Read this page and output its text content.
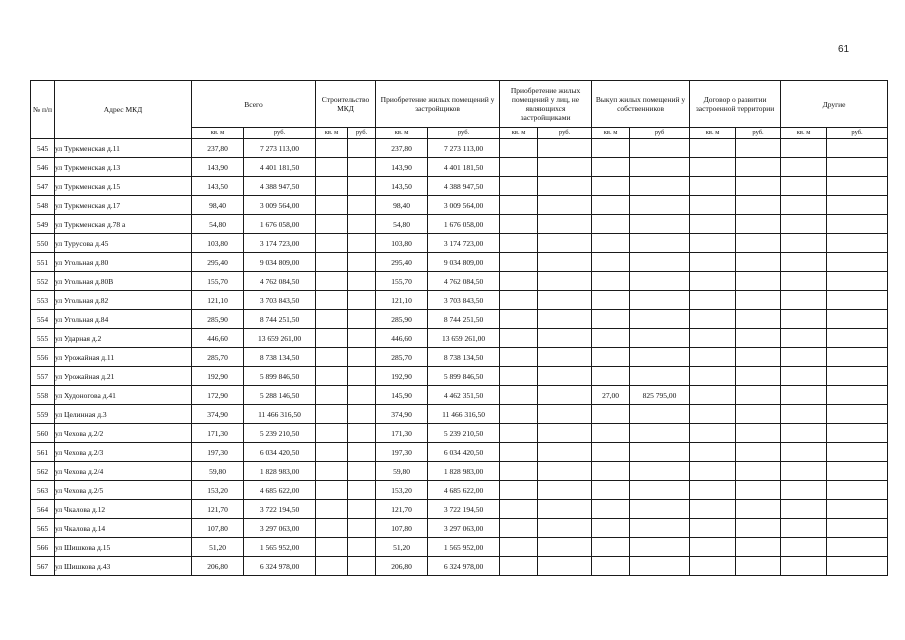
61
№ п/п	Адрес МКД	Всего		Строительство МКД		Приобретение жилых помещений у застройщиков		Приобретение жилых помещений у лиц, не являющихся застройщиками		Выкуп жилых помещений у собственников		Договор о развитии застроенной территории		Другие	
		кв. м	руб.	кв. м	руб.	кв. м	руб.	кв. м	руб.	кв. м	руб	кв. м	руб.	кв. м	руб.
545	ул Туркменская д.11	237,80	7 273 113,00			237,80	7 273 113,00								
546	ул Туркменская д.13	143,90	4 401 181,50			143,90	4 401 181,50								
547	ул Туркменская д.15	143,50	4 388 947,50			143,50	4 388 947,50								
548	ул Туркменская д.17	98,40	3 009 564,00			98,40	3 009 564,00								
549	ул Туркменская д.78 а	54,80	1 676 058,00			54,80	1 676 058,00								
550	ул Турусова д.45	103,80	3 174 723,00			103,80	3 174 723,00								
551	ул Угольная д.80	295,40	9 034 809,00			295,40	9 034 809,00								
552	ул Угольная д.80В	155,70	4 762 084,50			155,70	4 762 084,50								
553	ул Угольная д.82	121,10	3 703 843,50			121,10	3 703 843,50								
554	ул Угольная д.84	285,90	8 744 251,50			285,90	8 744 251,50								
555	ул Ударная д.2	446,60	13 659 261,00			446,60	13 659 261,00								
556	ул Урожайная д.11	285,70	8 738 134,50			285,70	8 738 134,50								
557	ул Урожайная д.21	192,90	5 899 846,50			192,90	5 899 846,50								
558	ул Худоногова д.41	172,90	5 288 146,50			145,90	4 462 351,50			27,00	825 795,00				
559	ул Целинная д.3	374,90	11 466 316,50			374,90	11 466 316,50								
560	ул Чехова д.2/2	171,30	5 239 210,50			171,30	5 239 210,50								
561	ул Чехова д.2/3	197,30	6 034 420,50			197,30	6 034 420,50								
562	ул Чехова д.2/4	59,80	1 828 983,00			59,80	1 828 983,00								
563	ул Чехова д.2/5	153,20	4 685 622,00			153,20	4 685 622,00								
564	ул Чкалова д.12	121,70	3 722 194,50			121,70	3 722 194,50								
565	ул Чкалова д.14	107,80	3 297 063,00			107,80	3 297 063,00								
566	ул Шишкова д.15	51,20	1 565 952,00			51,20	1 565 952,00								
567	ул Шишкова д.43	206,80	6 324 978,00			206,80	6 324 978,00								
